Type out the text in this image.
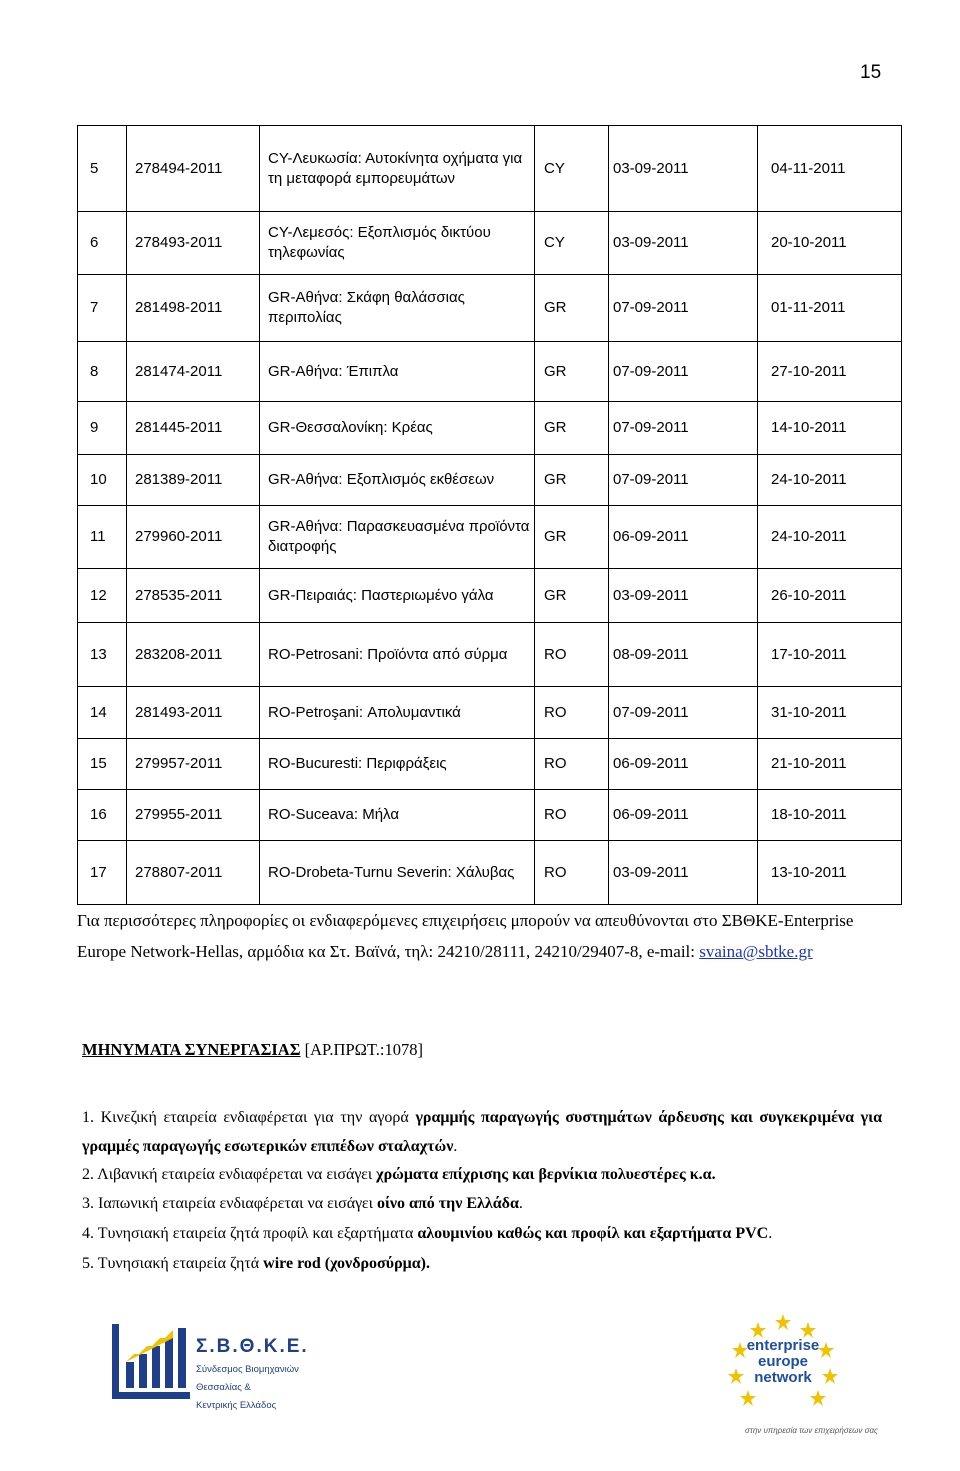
15
5	278494-2011	CY-Λευκωσία: Αυτοκίνητα οχήματα για τη μεταφορά εμπορευμάτων	CY	03-09-2011	04-11-2011
6	278493-2011	CY-Λεμεσός: Εξοπλισμός δικτύου τηλεφωνίας	CY	03-09-2011	20-10-2011
7	281498-2011	GR-Αθήνα: Σκάφη θαλάσσιας περιπολίας	GR	07-09-2011	01-11-2011
8	281474-2011	GR-Αθήνα: Έπιπλα	GR	07-09-2011	27-10-2011
9	281445-2011	GR-Θεσσαλονίκη: Κρέας	GR	07-09-2011	14-10-2011
10	281389-2011	GR-Αθήνα: Εξοπλισμός εκθέσεων	GR	07-09-2011	24-10-2011
11	279960-2011	GR-Αθήνα: Παρασκευασμένα προϊόντα διατροφής	GR	06-09-2011	24-10-2011
12	278535-2011	GR-Πειραιάς: Παστεριωμένο γάλα	GR	03-09-2011	26-10-2011
13	283208-2011	RO-Petrosani: Προϊόντα από σύρμα	RO	08-09-2011	17-10-2011
14	281493-2011	RO-Petroşani: Απολυμαντικά	RO	07-09-2011	31-10-2011
15	279957-2011	RO-Bucuresti: Περιφράξεις	RO	06-09-2011	21-10-2011
16	279955-2011	RO-Suceava: Μήλα	RO	06-09-2011	18-10-2011
17	278807-2011	RO-Drobeta-Turnu Severin: Χάλυβας	RO	03-09-2011	13-10-2011
Για περισσότερες πληροφορίες οι ενδιαφερόμενες επιχειρήσεις μπορούν να απευθύνονται στο ΣΒΘΚΕ-Enterprise Europe Network-Hellas, αρμόδια κα Στ. Βαϊνά, τηλ: 24210/28111, 24210/29407-8, e-mail: svaina@sbtke.gr
ΜΗΝΥΜΑΤΑ ΣΥΝΕΡΓΑΣΙΑΣ [ΑΡ.ΠΡΩΤ.:1078]
1. Κινεζική εταιρεία ενδιαφέρεται για την αγορά γραμμής παραγωγής συστημάτων άρδευσης και συγκεκριμένα για γραμμές παραγωγής εσωτερικών επιπέδων σταλαχτών.
2. Λιβανική εταιρεία ενδιαφέρεται να εισάγει χρώματα επίχρισης και βερνίκια πολυεστέρες κ.α.
3. Ιαπωνική εταιρεία ενδιαφέρεται να εισάγει οίνο από την Ελλάδα.
4. Τυνησιακή εταιρεία ζητά προφίλ και εξαρτήματα αλουμινίου καθώς και προφίλ και εξαρτήματα PVC.
5. Τυνησιακή εταιρεία ζητά wire rod (χονδροσύρμα).
Σ.Β.Θ.Κ.Ε.
Σύνδεσμος Βιομηχανιών
Θεσσαλίας &
Κεντρικής Ελλάδος
enterprise
europe
network
στην υπηρεσία των επιχειρήσεων σας
